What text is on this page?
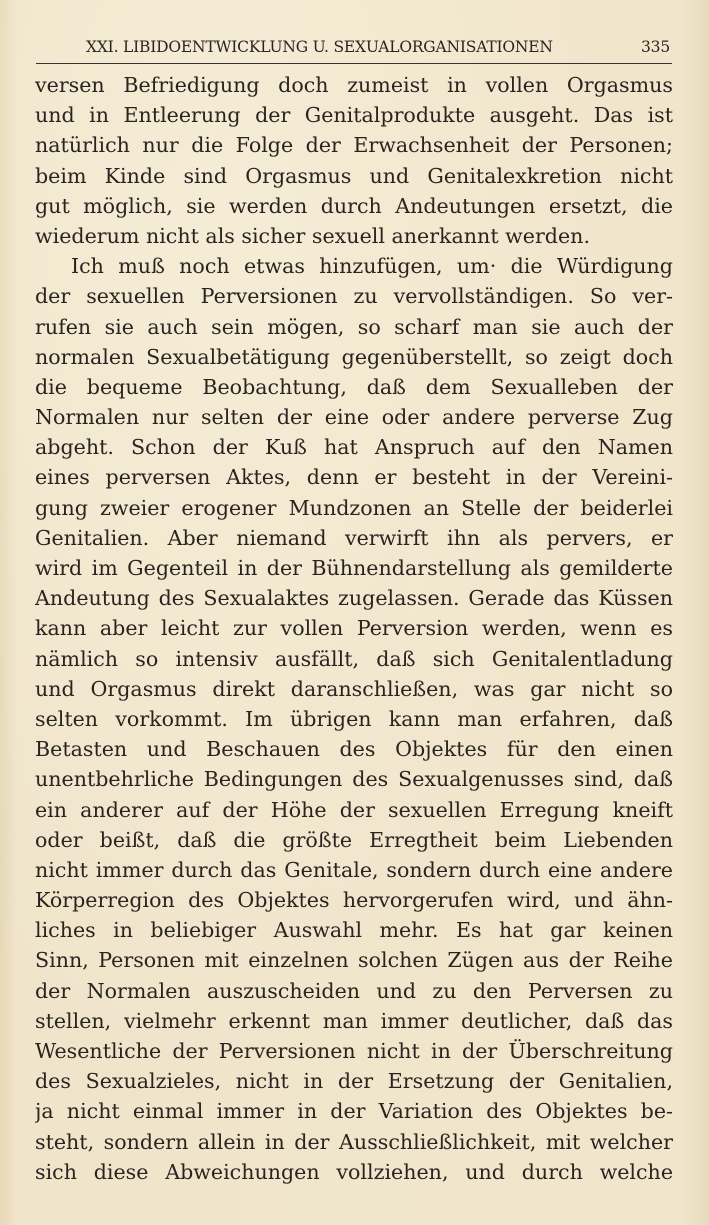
XXI. LIBIDOENTWICKLUNG U. SEXUALORGANISATIONEN	335
versen Befriedigung doch zumeist in vollen Orgasmus
und in Entleerung der Genitalprodukte ausgeht. Das ist
natürlich nur die Folge der Erwachsenheit der Personen;
beim Kinde sind Orgasmus und Genitalexkretion nicht
gut möglich, sie werden durch Andeutungen ersetzt, die
wiederum nicht als sicher sexuell anerkannt werden.
Ich muß noch etwas hinzufügen, um· die Würdigung
der sexuellen Perversionen zu vervollständigen. So ver-
rufen sie auch sein mögen, so scharf man sie auch der
normalen Sexualbetätigung gegenüberstellt, so zeigt doch
die bequeme Beobachtung, daß dem Sexualleben der
Normalen nur selten der eine oder andere perverse Zug
abgeht. Schon der Kuß hat Anspruch auf den Namen
eines perversen Aktes, denn er besteht in der Vereini-
gung zweier erogener Mundzonen an Stelle der beiderlei
Genitalien. Aber niemand verwirft ihn als pervers, er
wird im Gegenteil in der Bühnendarstellung als gemilderte
Andeutung des Sexualaktes zugelassen. Gerade das Küssen
kann aber leicht zur vollen Perversion werden, wenn es
nämlich so intensiv ausfällt, daß sich Genitalentladung
und Orgasmus direkt daranschließen, was gar nicht so
selten vorkommt. Im übrigen kann man erfahren, daß
Betasten und Beschauen des Objektes für den einen
unentbehrliche Bedingungen des Sexualgenusses sind, daß
ein anderer auf der Höhe der sexuellen Erregung kneift
oder beißt, daß die größte Erregtheit beim Liebenden
nicht immer durch das Genitale, sondern durch eine andere
Körperregion des Objektes hervorgerufen wird, und ähn-
liches in beliebiger Auswahl mehr. Es hat gar keinen
Sinn, Personen mit einzelnen solchen Zügen aus der Reihe
der Normalen auszuscheiden und zu den Perversen zu
stellen, vielmehr erkennt man immer deutlicher, daß das
Wesentliche der Perversionen nicht in der Überschreitung
des Sexualzieles, nicht in der Ersetzung der Genitalien,
ja nicht einmal immer in der Variation des Objektes be-
steht, sondern allein in der Ausschließlichkeit, mit welcher
sich diese Abweichungen vollziehen, und durch welche
